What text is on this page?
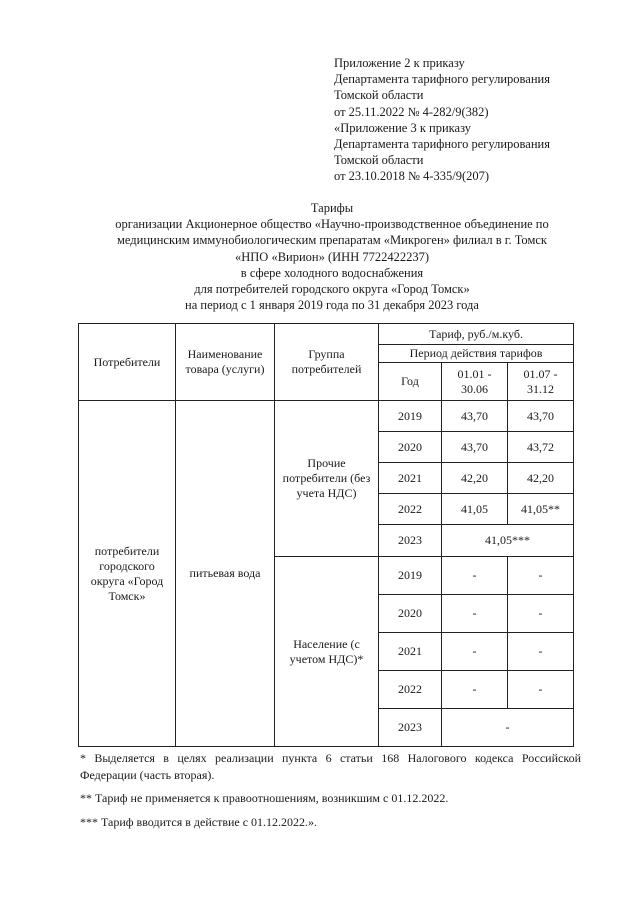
Приложение 2 к приказу
Департамента тарифного регулирования
Томской области
от 25.11.2022 № 4-282/9(382)
«Приложение 3 к приказу
Департамента тарифного регулирования
Томской области
от 23.10.2018 № 4-335/9(207)
Тарифы
организации Акционерное общество «Научно-производственное объединение по
медицинским иммунобиологическим препаратам «Микроген» филиал в г. Томск
«НПО «Вирион» (ИНН 7722422237)
в сфере холодного водоснабжения
для потребителей городского округа «Город Томск»
на период с 1 января 2019 года по 31 декабря 2023 года
Потребители	Наименование товара (услуги)	Группа потребителей	Тариф, руб./м.куб.		
			Период действия тарифов		
			Год	01.01 - 30.06	01.07 - 31.12
потребители городского округа «Город Томск»	питьевая вода	Прочие потребители (без учета НДС)	2019	43,70	43,70
			2020	43,70	43,72
			2021	42,20	42,20
			2022	41,05	41,05**
			2023	41,05***	
		Население (с учетом НДС)*	2019	-	-
			2020	-	-
			2021	-	-
			2022	-	-
			2023	-	
* Выделяется в целях реализации пункта 6 статьи 168 Налогового кодекса Российской Федерации (часть вторая).
** Тариф не применяется к правоотношениям, возникшим с 01.12.2022.
*** Тариф вводится в действие с 01.12.2022.».
